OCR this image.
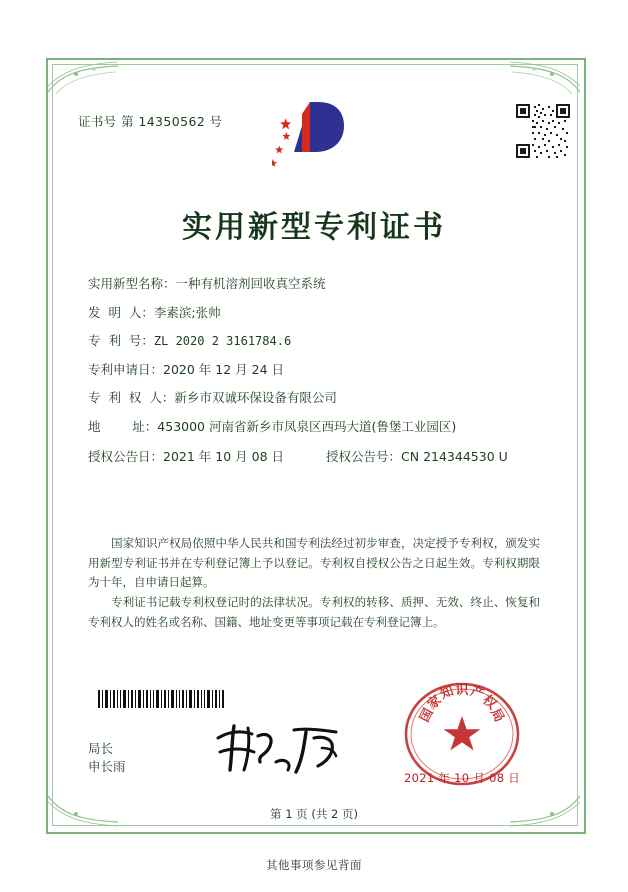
证书号 第 14350562 号
实用新型专利证书
实用新型名称： 一种有机溶剂回收真空系统
发  明  人： 李素滨;张帅
专  利  号： ZL 2020 2 3161784.6
专利申请日： 2020 年 12 月 24 日
专  利  权  人： 新乡市双诚环保设备有限公司
地        址： 453000 河南省新乡市凤泉区西玛大道(鲁堡工业园区)
授权公告日：2021 年 10 月 08 日	授权公告号：CN 214344530 U
国家知识产权局依照中华人民共和国专利法经过初步审查，决定授予专利权，颁发实用新型专利证书并在专利登记簿上予以登记。专利权自授权公告之日起生效。专利权期限为十年，自申请日起算。
专利证书记载专利权登记时的法律状况。专利权的转移、质押、无效、终止、恢复和专利权人的姓名或名称、国籍、地址变更等事项记载在专利登记簿上。
局长
申长雨
国
家
知 识 产
权
局
2021 年 10 月 08 日
第 1 页 (共 2 页)
其他事项参见背面
